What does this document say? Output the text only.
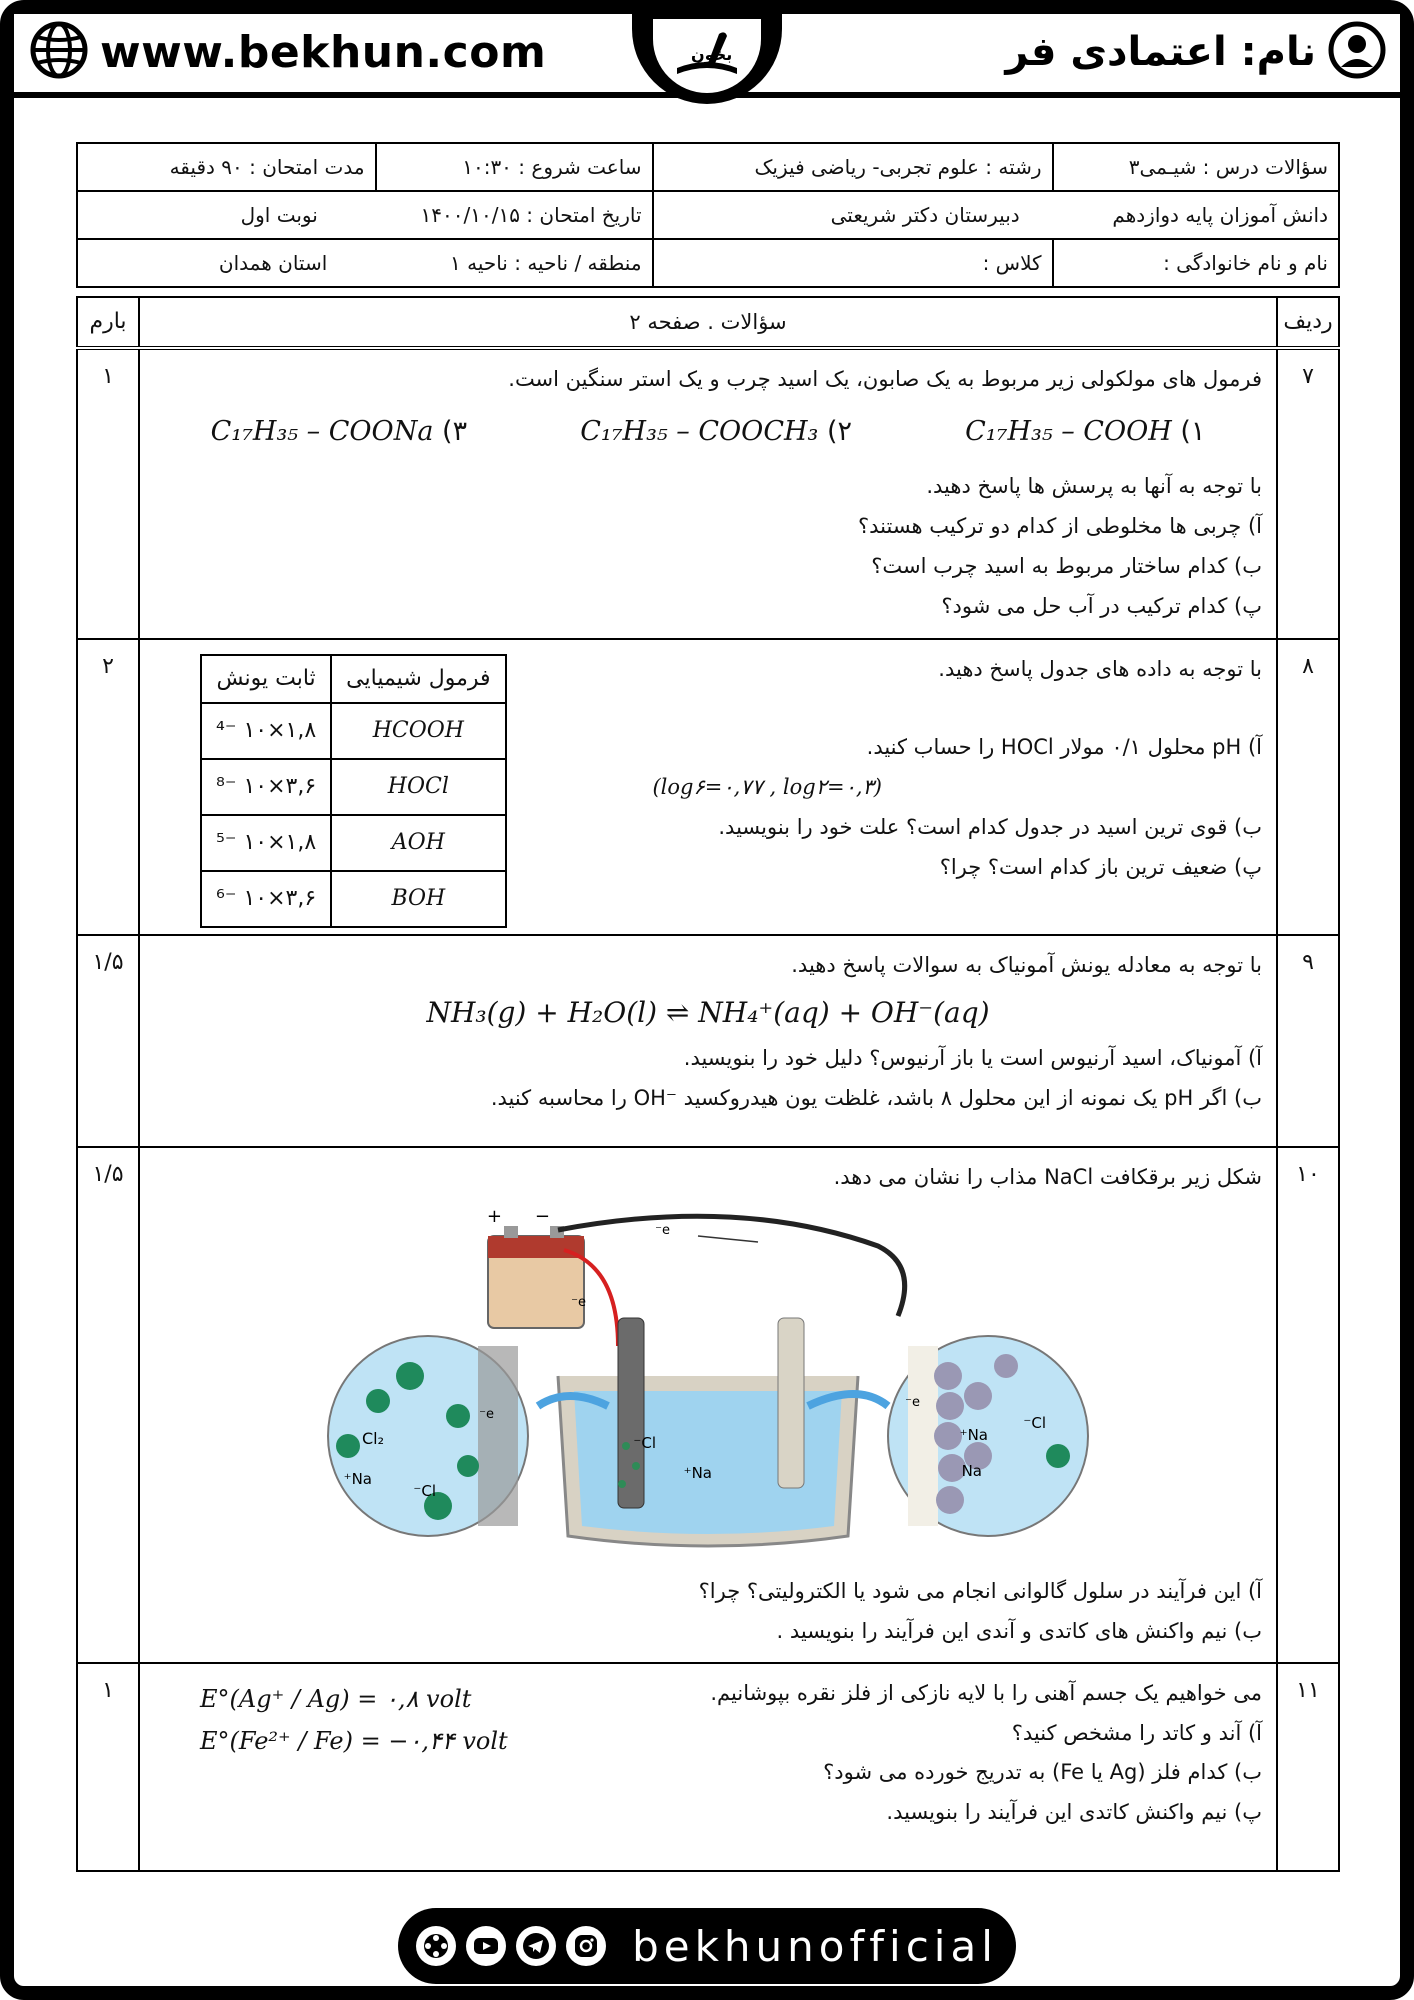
www.bekhun.com	بخون	نام: اعتمادی فر
سؤالات درس : شیـمی۳	رشته : علوم تجربی- ریاضی فیزیک	ساعت شروع : ۱۰:۳۰	مدت امتحان : ۹۰ دقیقه
دانش آموزان پایه دوازدهم  دبیرستان دکتر شریعتی		تاریخ امتحان : ۱۴۰۰/۱۰/۱۵  نوبت اول	
نام و نام خانوادگی :	کلاس :	منطقه / ناحیه : ناحیه ۱  استان همدان	
ردیف	سؤالات . صفحه ۲	بارم
۷	

فرمول های مولکولی زیر مربوط به یک صابون، یک اسید چرب و یک استر سنگین است.

۱) C₁₇H₃₅ – COOH
۲) C₁₇H₃₅ – COOCH₃
۳) C₁₇H₃₅ – COONa

با توجه به آنها به پرسش ها پاسخ دهید.

آ) چربی ها مخلوطی از کدام دو ترکیب هستند؟

ب) کدام ساختار مربوط به اسید چرب است؟

پ) کدام ترکیب در آب حل می شود؟

	۱
۸	

با توجه به داده های جدول پاسخ دهید.

آ) pH محلول ۰/۱ مولار HOCl را حساب کنید.

(log۶=۰,۷۷ , log۲=۰,۳)

ب) قوی ترین اسید در جدول کدام است؟ علت خود را بنویسید.

پ) ضعیف ترین باز کدام است؟ چرا؟

فرمول شیمیایی	ثابت یونش
HCOOH	۱,۸×۱۰ ⁻⁴
HOCl	۳,۶×۱۰ ⁻⁸
AOH	۱,۸×۱۰ ⁻⁵
BOH	۳,۶×۱۰ ⁻⁶
	۲
۹	

با توجه به معادله یونش آمونیاک به سوالات پاسخ دهید.

NH₃(g) + H₂O(l) ⇌ NH₄⁺(aq) + OH⁻(aq)

آ) آمونیاک، اسید آرنیوس است یا باز آرنیوس؟ دلیل خود را بنویسید.

ب) اگر pH یک نمونه از این محلول ۸ باشد، غلظت یون هیدروکسید ⁻OH را محاسبه کنید.

	۱/۵
۱۰	

شکل زیر برقکافت NaCl مذاب را نشان می دهد.

+ −
e⁻
e⁻
Cl⁻
Na⁺
Cl₂
Na⁺
Cl⁻
e⁻
Na⁺
Na
Cl⁻
e⁻

آ) این فرآیند در سلول گالوانی انجام می شود یا الکترولیتی؟ چرا؟

ب) نیم واکنش های کاتدی و آندی این فرآیند را بنویسید .

	۱/۵
۱۱	

می خواهیم یک جسم آهنی را با لایه نازکی از فلز نقره بپوشانیم.

آ) آند و کاتد را مشخص کنید؟

ب) کدام فلز (Ag یا Fe) به تدریج خورده می شود؟

پ) نیم واکنش کاتدی این فرآیند را بنویسید.

E°(Ag⁺ / Ag) = ۰,۸ volt
E°(Fe²⁺ / Fe) = −۰,۴۴ volt
	۱
bekhunofficial
